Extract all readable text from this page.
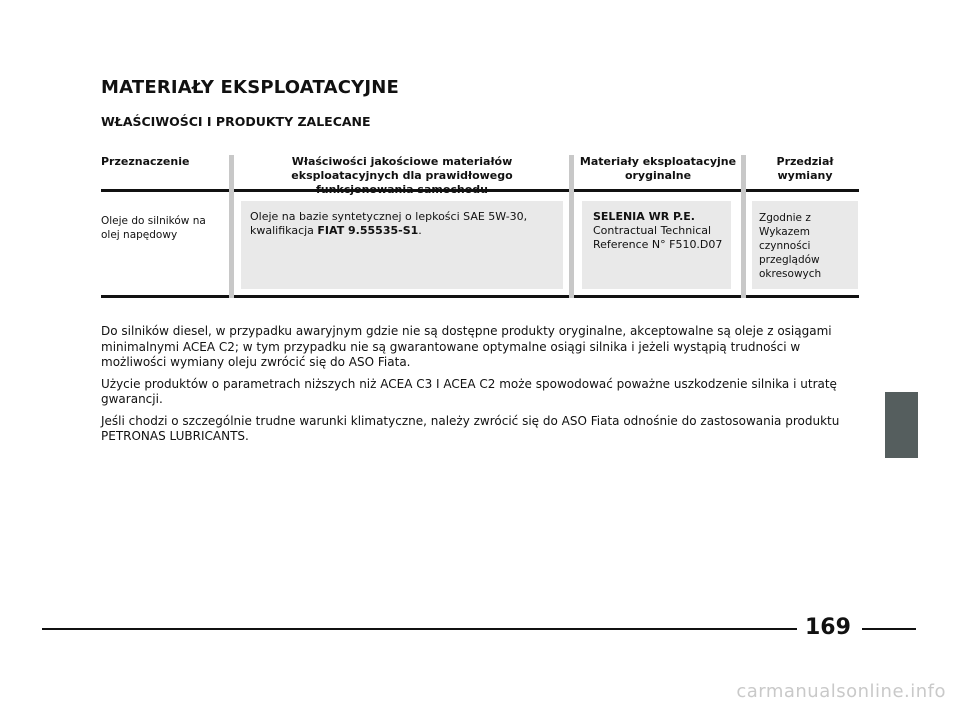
MATERIAŁY EKSPLOATACYJNE
WŁAŚCIWOŚCI I PRODUKTY ZALECANE
Przeznaczenie	Właściwości jakościowe materiałów eksploatacyjnych dla prawidłowego
Materiały eksploatacyjne oryginalne
Przedział wymiany
Oleje do silników na olej napędowy
Oleje na bazie syntetycznej o lepkości SAE 5W-30, kwalifikacja FIAT 9.55535-S1.
SELENIA WR P.E.
Contractual Technical
Reference N° F510.D07
Zgodnie z Wykazem czynności przeglądów okresowych

Do silników diesel, w przypadku awaryjnym gdzie nie są dostępne produkty oryginalne, akceptowalne są oleje z osiągami minimalnymi ACEA C2; w tym przypadku nie są gwarantowane optymalne osiągi silnika i jeżeli wystąpią trudności w możliwości wymiany oleju zwrócić się do ASO Fiata.

Użycie produktów o parametrach niższych niż ACEA C3 I ACEA C2 może spowodować poważne uszkodzenie silnika i utratę gwarancji.

Jeśli chodzi o szczególnie trudne warunki klimatyczne, należy zwrócić się do ASO Fiata odnośnie do zastosowania produktu PETRONAS LUBRICANTS.

169
carmanualsonline.info
